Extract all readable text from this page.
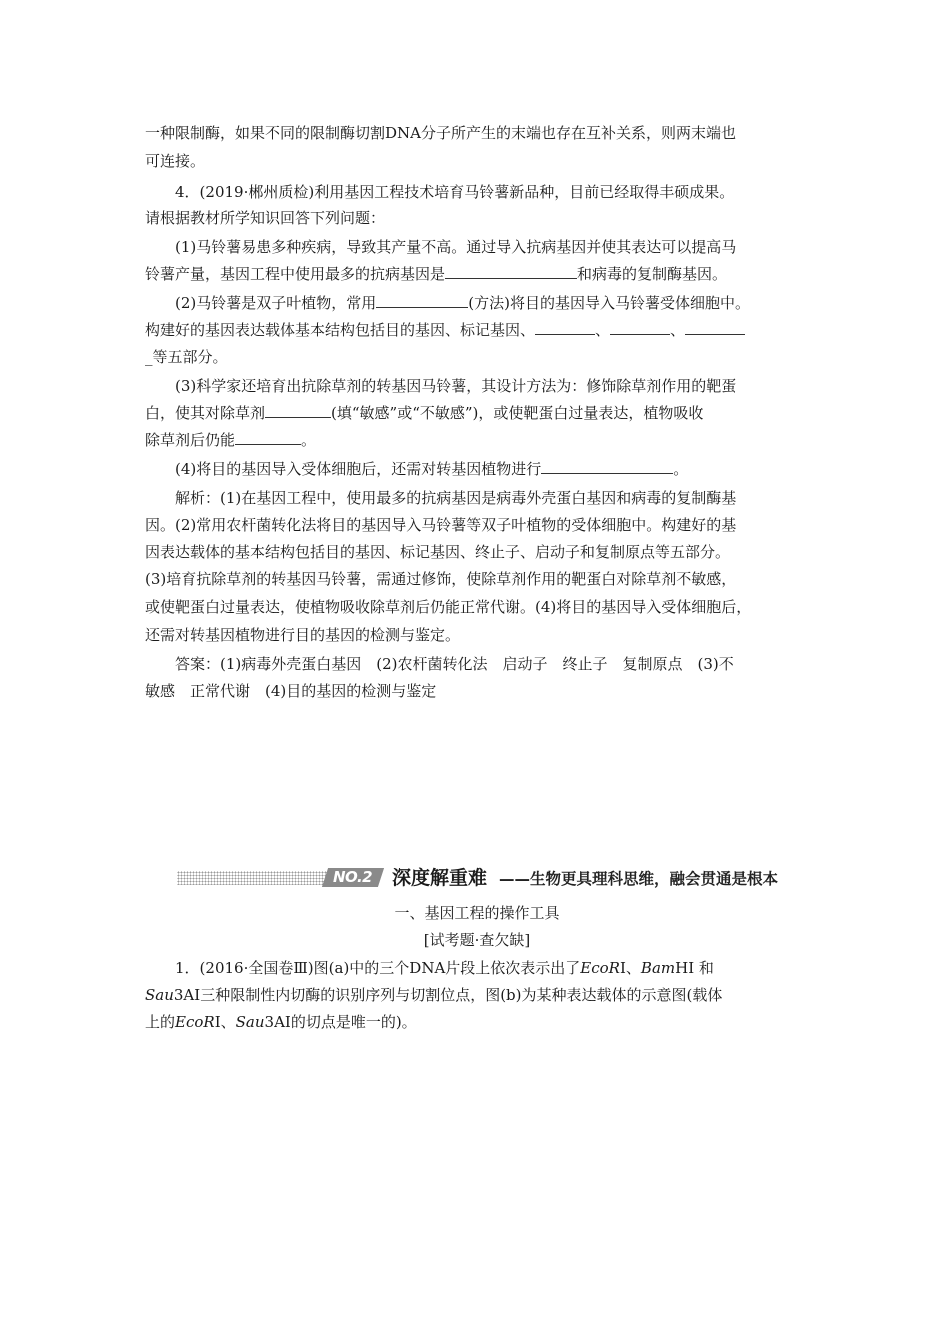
一种限制酶，如果不同的限制酶切割DNA分子所产生的末端也存在互补关系，则两末端也
可连接。
4．(2019·郴州质检)利用基因工程技术培育马铃薯新品种，目前已经取得丰硕成果。
请根据教材所学知识回答下列问题：
(1)马铃薯易患多种疾病，导致其产量不高。通过导入抗病基因并使其表达可以提高马
铃薯产量，基因工程中使用最多的抗病基因是	和病毒的复制酶基因。
(2)马铃薯是双子叶植物，常用	(方法)将目的基因导入马铃薯受体细胞中。
构建好的基因表达载体基本结构包括目的基因、标记基因、	、	、
_等五部分。
(3)科学家还培育出抗除草剂的转基因马铃薯，其设计方法为：修饰除草剂作用的靶蛋
白，使其对除草剂	(填“敏感”或“不敏感”)，或使靶蛋白过量表达，植物吸收
除草剂后仍能	。
(4)将目的基因导入受体细胞后，还需对转基因植物进行	。
解析：(1)在基因工程中，使用最多的抗病基因是病毒外壳蛋白基因和病毒的复制酶基
因。(2)常用农杆菌转化法将目的基因导入马铃薯等双子叶植物的受体细胞中。构建好的基
因表达载体的基本结构包括目的基因、标记基因、终止子、启动子和复制原点等五部分。
(3)培育抗除草剂的转基因马铃薯，需通过修饰，使除草剂作用的靶蛋白对除草剂不敏感，
或使靶蛋白过量表达，使植物吸收除草剂后仍能正常代谢。(4)将目的基因导入受体细胞后，
还需对转基因植物进行目的基因的检测与鉴定。
答案：(1)病毒外壳蛋白基因　(2)农杆菌转化法　启动子　终止子　复制原点　(3)不
敏感　正常代谢　(4)目的基因的检测与鉴定
NO.2	深度解重难 ——生物更具理科思维，融会贯通是根本
一、基因工程的操作工具
[试考题·查欠缺]
1．(2016·全国卷Ⅲ)图(a)中的三个DNA片段上依次表示出了EcoRⅠ、BamHⅠ 和
Sau3AⅠ三种限制性内切酶的识别序列与切割位点，图(b)为某种表达载体的示意图(载体
上的EcoRⅠ、Sau3AⅠ的切点是唯一的)。
